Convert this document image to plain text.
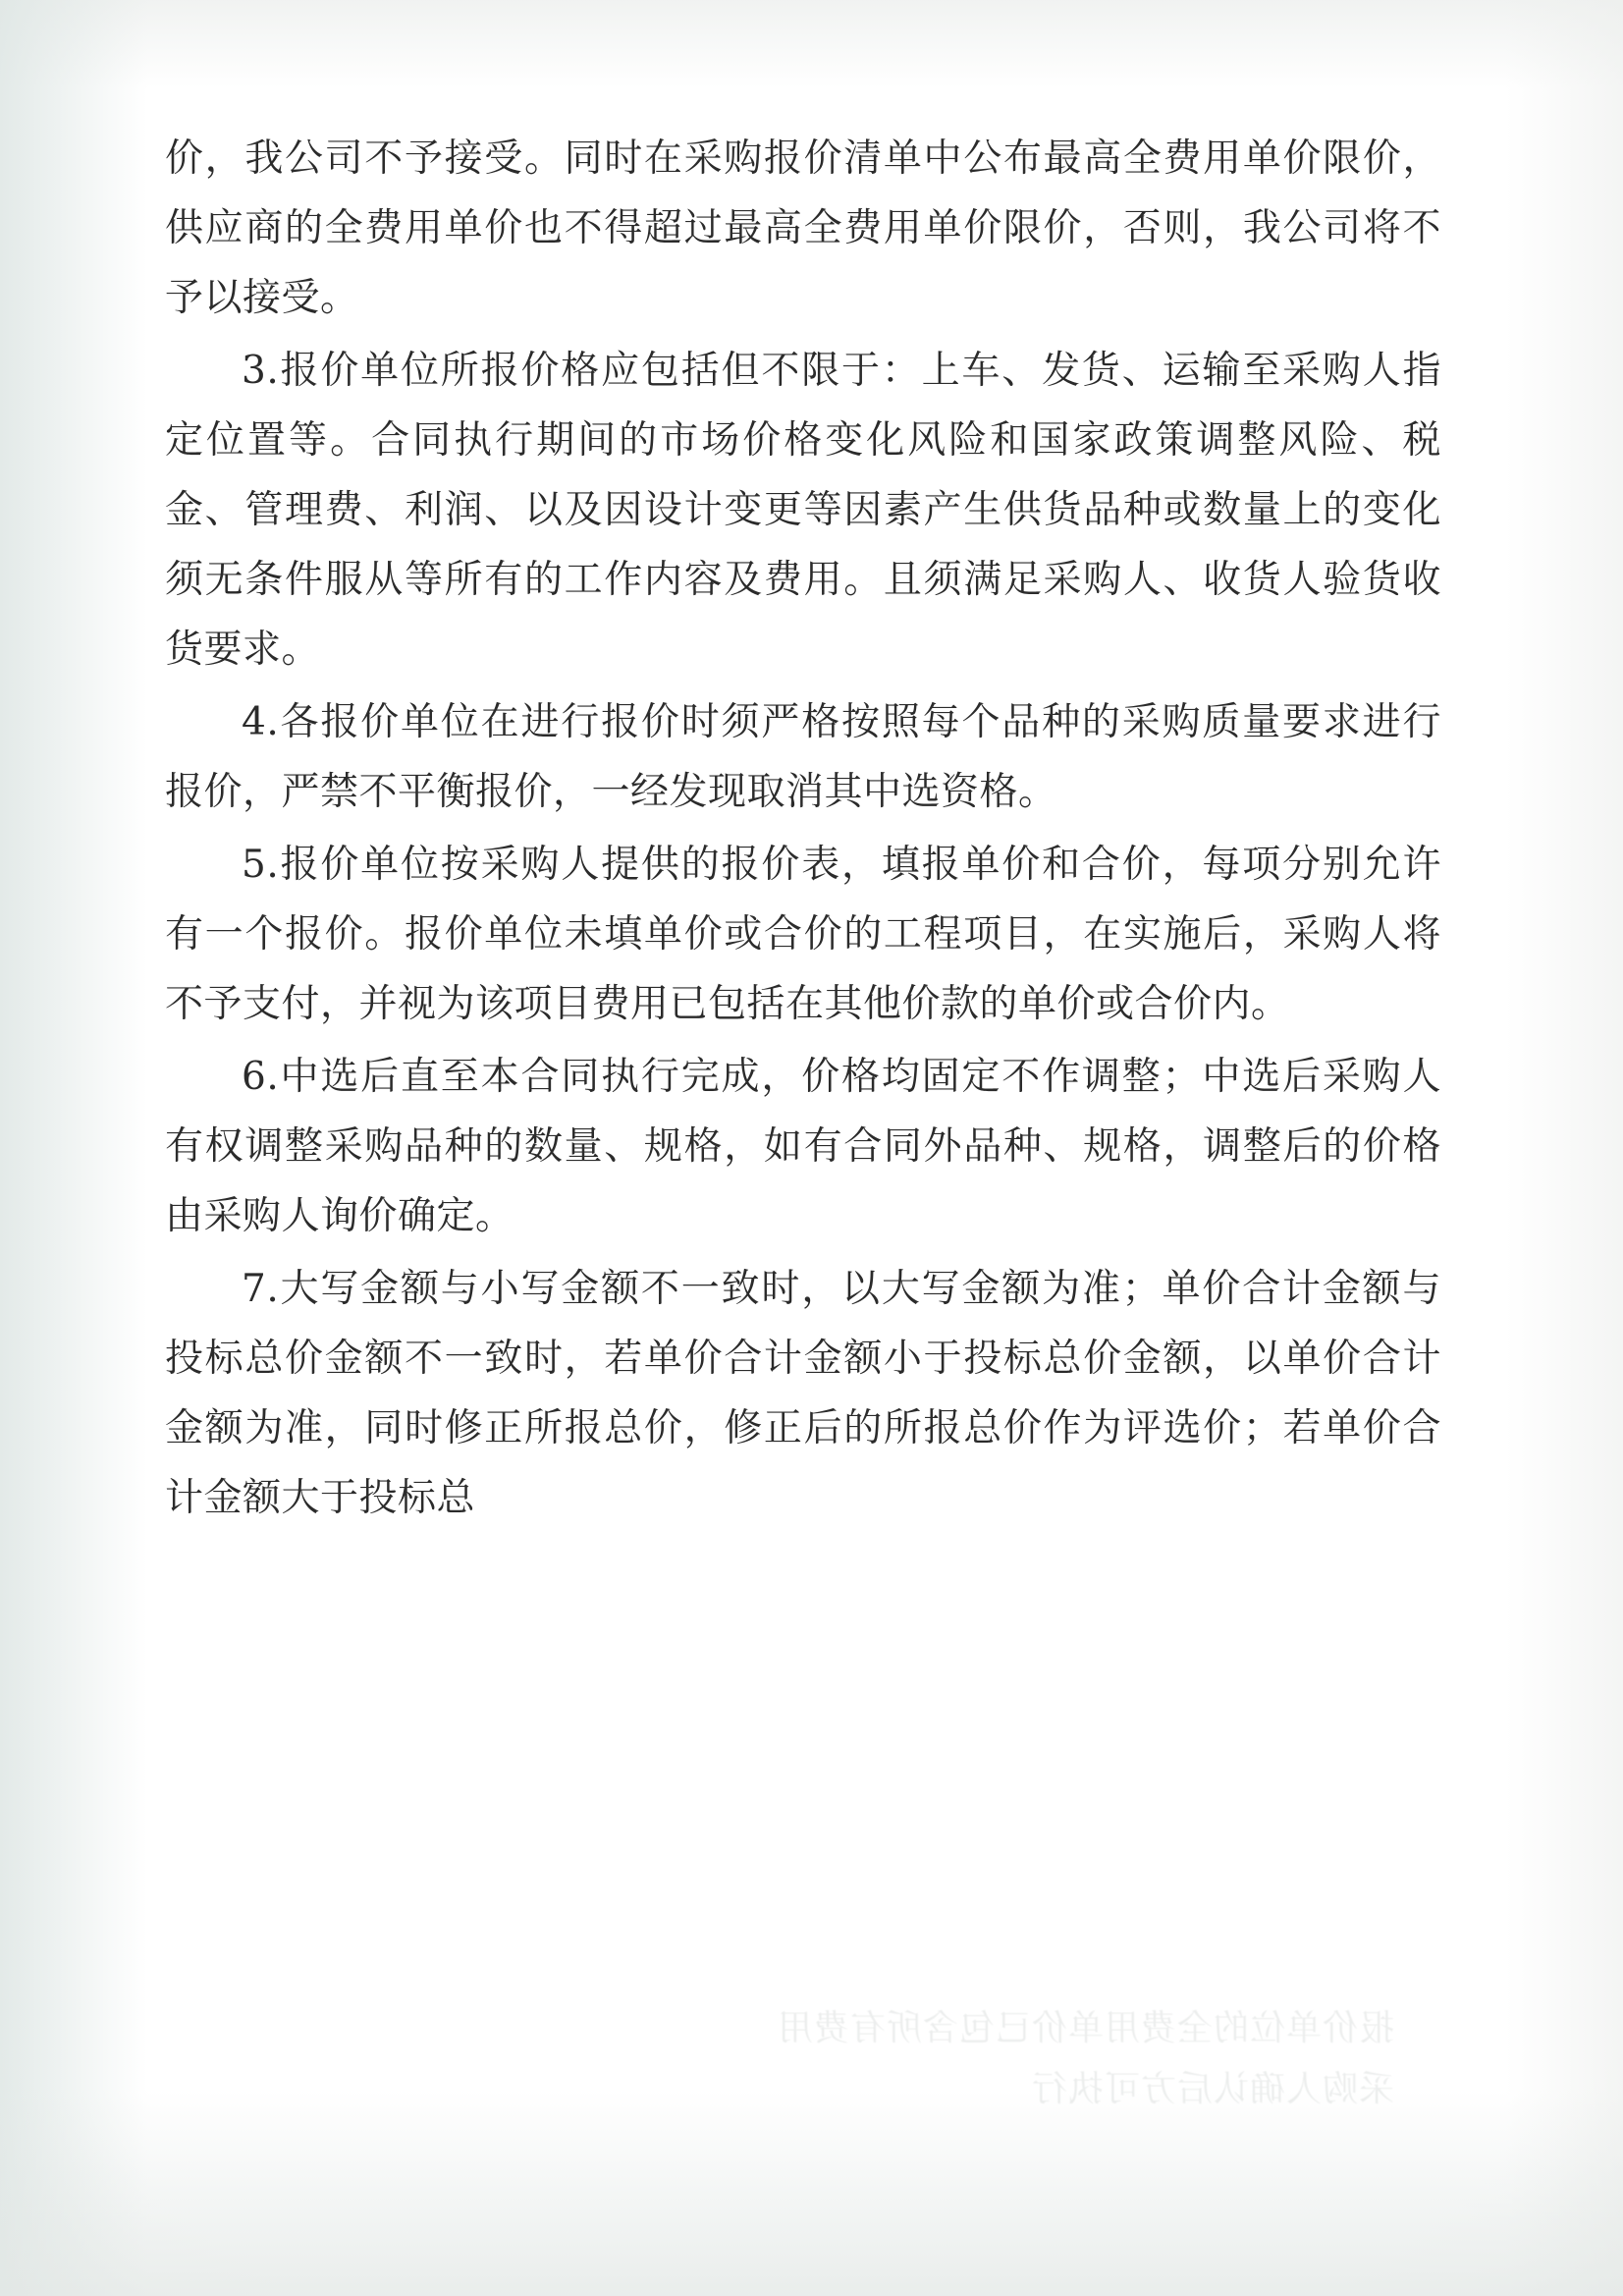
价，我公司不予接受。同时在采购报价清单中公布最高全费用单价限价，供应商的全费用单价也不得超过最高全费用单价限价，否则，我公司将不予以接受。

3.报价单位所报价格应包括但不限于：上车、发货、运输至采购人指定位置等。合同执行期间的市场价格变化风险和国家政策调整风险、税金、管理费、利润、以及因设计变更等因素产生供货品种或数量上的变化须无条件服从等所有的工作内容及费用。且须满足采购人、收货人验货收货要求。

4.各报价单位在进行报价时须严格按照每个品种的采购质量要求进行报价，严禁不平衡报价，一经发现取消其中选资格。

5.报价单位按采购人提供的报价表，填报单价和合价，每项分别允许有一个报价。报价单位未填单价或合价的工程项目，在实施后，采购人将不予支付，并视为该项目费用已包括在其他价款的单价或合价内。

6.中选后直至本合同执行完成，价格均固定不作调整；中选后采购人有权调整采购品种的数量、规格，如有合同外品种、规格，调整后的价格由采购人询价确定。

7.大写金额与小写金额不一致时，以大写金额为准；单价合计金额与投标总价金额不一致时，若单价合计金额小于投标总价金额，以单价合计金额为准，同时修正所报总价，修正后的所报总价作为评选价；若单价合计金额大于投标总
